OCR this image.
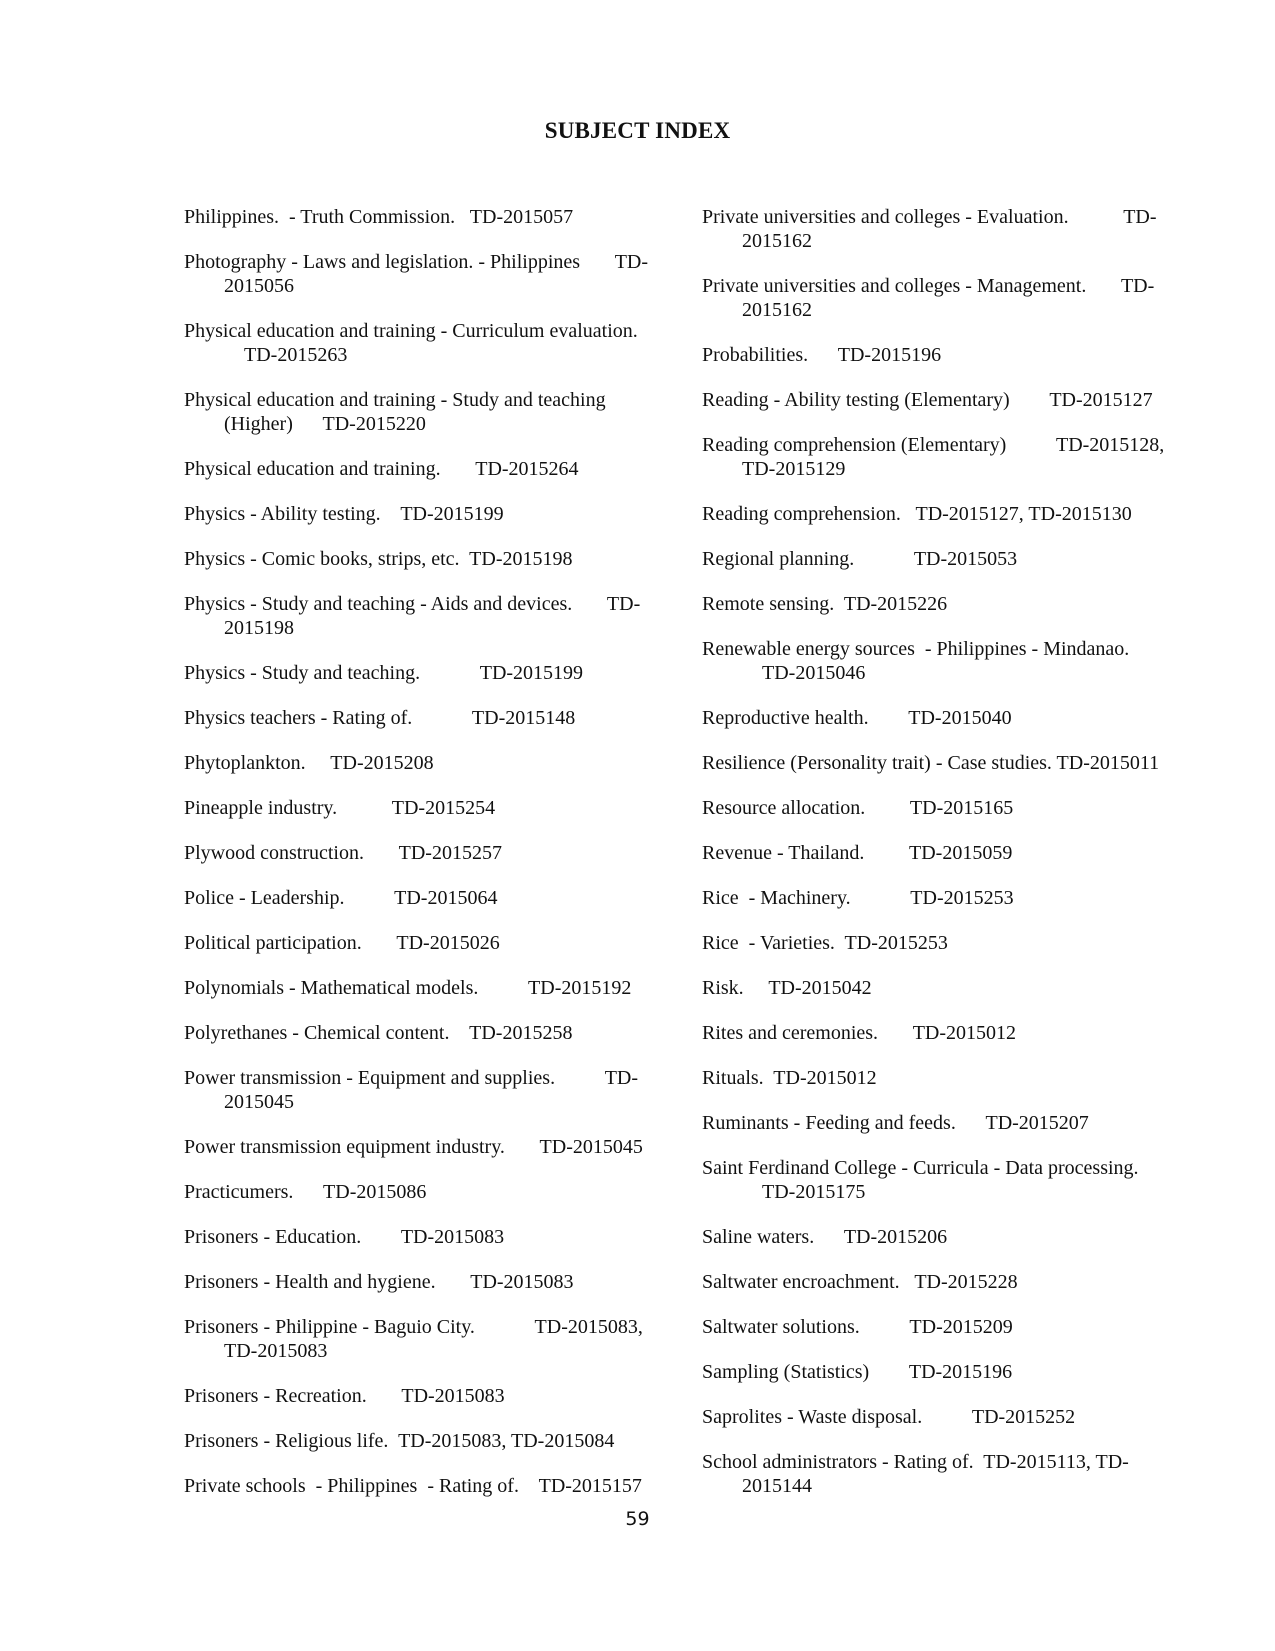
SUBJECT INDEX
Philippines.  - Truth Commission.   TD-2015057
Photography - Laws and legislation. - Philippines       TD-
2015056
Physical education and training - Curriculum evaluation.
TD-2015263
Physical education and training - Study and teaching
(Higher)      TD-2015220
Physical education and training.       TD-2015264
Physics - Ability testing.    TD-2015199
Physics - Comic books, strips, etc.  TD-2015198
Physics - Study and teaching - Aids and devices.       TD-
2015198
Physics - Study and teaching.            TD-2015199
Physics teachers - Rating of.            TD-2015148
Phytoplankton.     TD-2015208
Pineapple industry.           TD-2015254
Plywood construction.       TD-2015257
Police - Leadership.          TD-2015064
Political participation.       TD-2015026
Polynomials - Mathematical models.          TD-2015192
Polyrethanes - Chemical content.    TD-2015258
Power transmission - Equipment and supplies.          TD-
2015045
Power transmission equipment industry.       TD-2015045
Practicumers.      TD-2015086
Prisoners - Education.        TD-2015083
Prisoners - Health and hygiene.       TD-2015083
Prisoners - Philippine - Baguio City.            TD-2015083,
TD-2015083
Prisoners - Recreation.       TD-2015083
Prisoners - Religious life.  TD-2015083, TD-2015084
Private schools  - Philippines  - Rating of.    TD-2015157
Private universities and colleges - Evaluation.           TD-
2015162
Private universities and colleges - Management.       TD-
2015162
Probabilities.      TD-2015196
Reading - Ability testing (Elementary)        TD-2015127
Reading comprehension (Elementary)          TD-2015128,
TD-2015129
Reading comprehension.   TD-2015127, TD-2015130
Regional planning.            TD-2015053
Remote sensing.  TD-2015226
Renewable energy sources  - Philippines - Mindanao.
TD-2015046
Reproductive health.        TD-2015040
Resilience (Personality trait) - Case studies. TD-2015011
Resource allocation.         TD-2015165
Revenue - Thailand.         TD-2015059
Rice  - Machinery.            TD-2015253
Rice  - Varieties.  TD-2015253
Risk.     TD-2015042
Rites and ceremonies.       TD-2015012
Rituals.  TD-2015012
Ruminants - Feeding and feeds.      TD-2015207
Saint Ferdinand College - Curricula - Data processing.
TD-2015175
Saline waters.      TD-2015206
Saltwater encroachment.   TD-2015228
Saltwater solutions.          TD-2015209
Sampling (Statistics)        TD-2015196
Saprolites - Waste disposal.          TD-2015252
School administrators - Rating of.  TD-2015113, TD-
2015144
59
